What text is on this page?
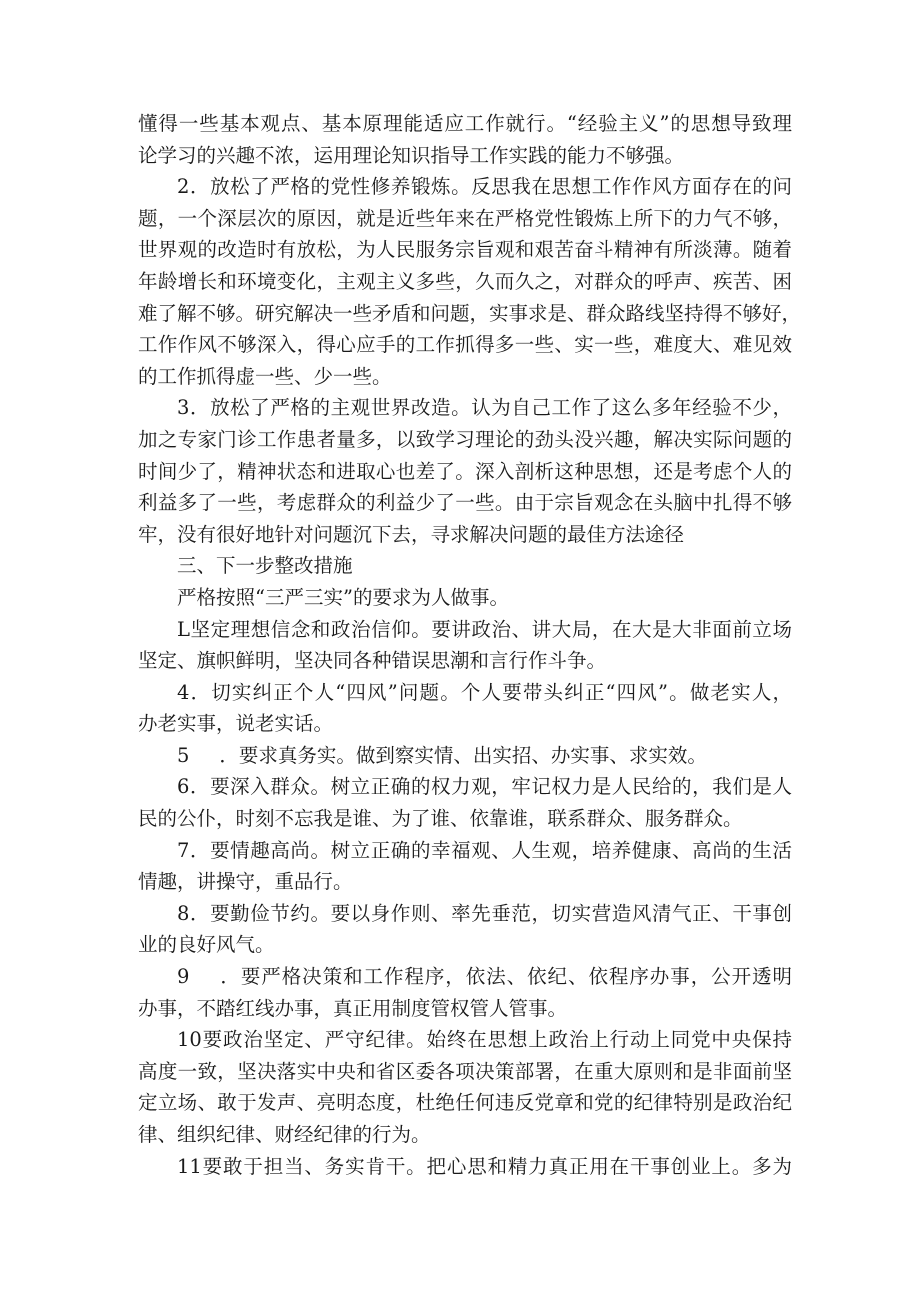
懂得一些基本观点、基本原理能适应工作就行。“经验主义”的思想导致理
论学习的兴趣不浓，运用理论知识指导工作实践的能力不够强。
2．放松了严格的党性修养锻炼。反思我在思想工作作风方面存在的问
题，一个深层次的原因，就是近些年来在严格党性锻炼上所下的力气不够，
世界观的改造时有放松，为人民服务宗旨观和艰苦奋斗精神有所淡薄。随着
年龄增长和环境变化，主观主义多些，久而久之，对群众的呼声、疾苦、困
难了解不够。研究解决一些矛盾和问题，实事求是、群众路线坚持得不够好，
工作作风不够深入，得心应手的工作抓得多一些、实一些，难度大、难见效
的工作抓得虚一些、少一些。
3．放松了严格的主观世界改造。认为自己工作了这么多年经验不少，
加之专家门诊工作患者量多，以致学习理论的劲头没兴趣，解决实际问题的
时间少了，精神状态和进取心也差了。深入剖析这种思想，还是考虑个人的
利益多了一些，考虑群众的利益少了一些。由于宗旨观念在头脑中扎得不够
牢，没有很好地针对问题沉下去，寻求解决问题的最佳方法途径
三、下一步整改措施
严格按照“三严三实”的要求为人做事。
L坚定理想信念和政治信仰。要讲政治、讲大局，在大是大非面前立场
坚定、旗帜鲜明，坚决同各种错误思潮和言行作斗争。
4．切实纠正个人“四风”问题。个人要带头纠正“四风”。做老实人，
办老实事，说老实话。
5 ．要求真务实。做到察实情、出实招、办实事、求实效。
6．要深入群众。树立正确的权力观，牢记权力是人民给的，我们是人
民的公仆，时刻不忘我是谁、为了谁、依靠谁，联系群众、服务群众。
7．要情趣高尚。树立正确的幸福观、人生观，培养健康、高尚的生活
情趣，讲操守，重品行。
8．要勤俭节约。要以身作则、率先垂范，切实营造风清气正、干事创
业的良好风气。
9 ．要严格决策和工作程序，依法、依纪、依程序办事，公开透明
办事，不踏红线办事，真正用制度管权管人管事。
10要政治坚定、严守纪律。始终在思想上政治上行动上同党中央保持
高度一致，坚决落实中央和省区委各项决策部署，在重大原则和是非面前坚
定立场、敢于发声、亮明态度，杜绝任何违反党章和党的纪律特别是政治纪
律、组织纪律、财经纪律的行为。
11要敢于担当、务实肯干。把心思和精力真正用在干事创业上。多为
